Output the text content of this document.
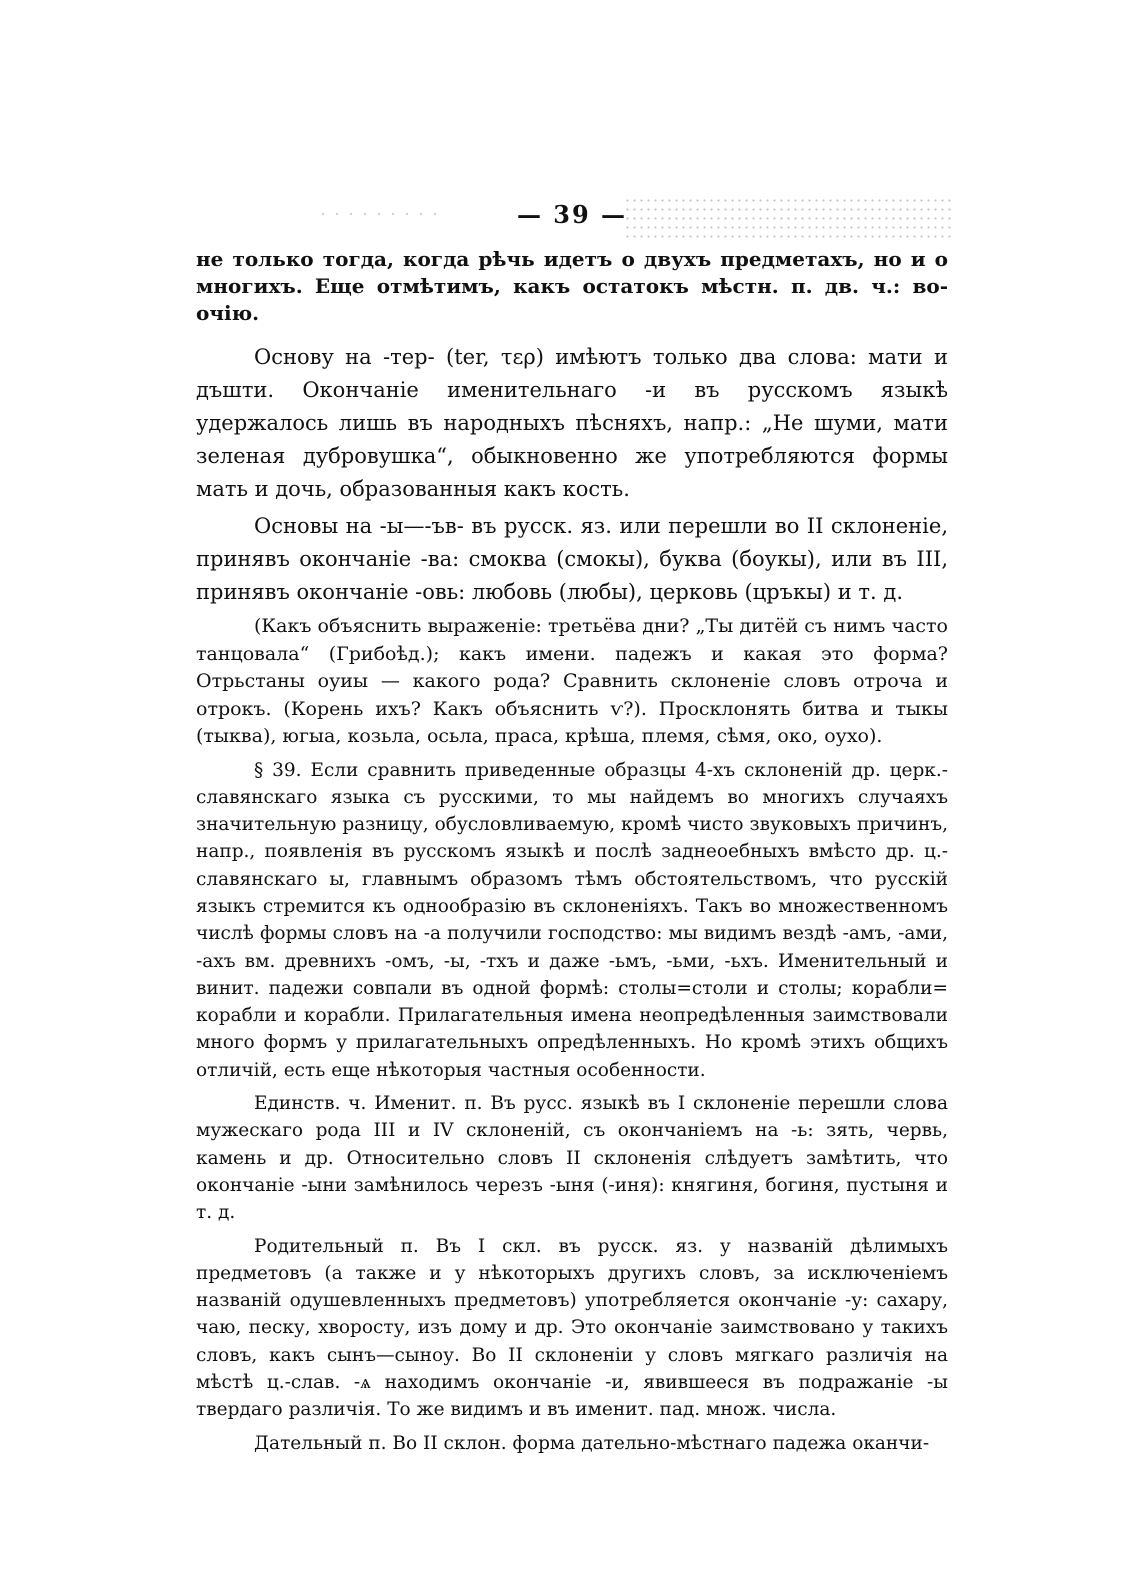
— 39 —

не только тогда, когда рѣчь идетъ о двухъ предметахъ, но и о многихъ. Еще отмѣтимъ, какъ остатокъ мѣстн. п. дв. ч.: во-очію.

Основу на -тер- (ter, τερ) имѣютъ только два слова: мати и дъшти. Окончаніе именительнаго -и въ русскомъ языкѣ удержалось лишь въ народныхъ пѣсняхъ, напр.: „Не шуми, мати зеленая дубровушка“, обыкновенно же употребляются формы мать и дочь, образованныя какъ кость.

Основы на -ы—-ъв- въ русск. яз. или перешли во II склоненіе, принявъ окончаніе -ва: смоква (смокы), буква (боукы), или въ III, принявъ окончаніе -овь: любовь (любы), церковь (цръкы) и т. д.

(Какъ объяснить выраженіе: третьёва дни? „Ты дитёй съ нимъ часто танцовала“ (Грибоѣд.); какъ имени. падежъ и какая это форма? Отрьстаны оуиы — какого рода? Сравнить склоненіе словъ отроча и отрокъ. (Корень ихъ? Какъ объяснить ѵ?). Просклонять битва и тыкы (тыква), югыа, козьла, осьла, праса, крѣша, племя, сѣмя, око, оухо).

§ 39. Если сравнить приведенные образцы 4-хъ склоненій др. церк.-славянскаго языка съ русскими, то мы найдемъ во многихъ случаяхъ значительную разницу, обусловливаемую, кромѣ чисто звуковыхъ причинъ, напр., появленія въ русскомъ языкѣ и послѣ заднеоебныхъ вмѣсто др. ц.-славянскаго ы, главнымъ образомъ тѣмъ обстоятельствомъ, что русскій языкъ стремится къ однообразію въ склоненіяхъ. Такъ во множественномъ числѣ формы словъ на -а получили господство: мы видимъ вездѣ -амъ, -ами, -ахъ вм. древнихъ -омъ, -ы, -тхъ и даже -ьмъ, -ьми, -ьхъ. Именительный и винит. падежи совпали въ одной формѣ: столы=столи и столы; корабли= корабли и корабли. Прилагательныя имена неопредѣленныя заимствовали много формъ у прилагательныхъ опредѣленныхъ. Но кромѣ этихъ общихъ отличій, есть еще нѣкоторыя частныя особенности.

Единств. ч. Именит. п. Въ русс. языкѣ въ I склоненіе перешли слова мужескаго рода III и IV склоненій, съ окончаніемъ на -ь: зять, червь, камень и др. Относительно словъ II склоненія слѣдуетъ замѣтить, что окончаніе -ыни замѣнилось черезъ -ыня (-иня): княгиня, богиня, пустыня и т. д.

Родительный п. Въ I скл. въ русск. яз. у названій дѣлимыхъ предметовъ (а также и у нѣкоторыхъ другихъ словъ, за исключеніемъ названій одушевленныхъ предметовъ) употребляется окончаніе -у: сахару, чаю, песку, хворосту, изъ дому и др. Это окончаніе заимствовано у такихъ словъ, какъ сынъ—сыноу. Во II склоненіи у словъ мягкаго различія на мѣстѣ ц.-слав. -ѧ находимъ окончаніе -и, явившееся въ подражаніе -ы твердаго различія. То же видимъ и въ именит. пад. множ. числа.

Дательный п. Во II склон. форма дательно-мѣстнаго падежа оканчи-
